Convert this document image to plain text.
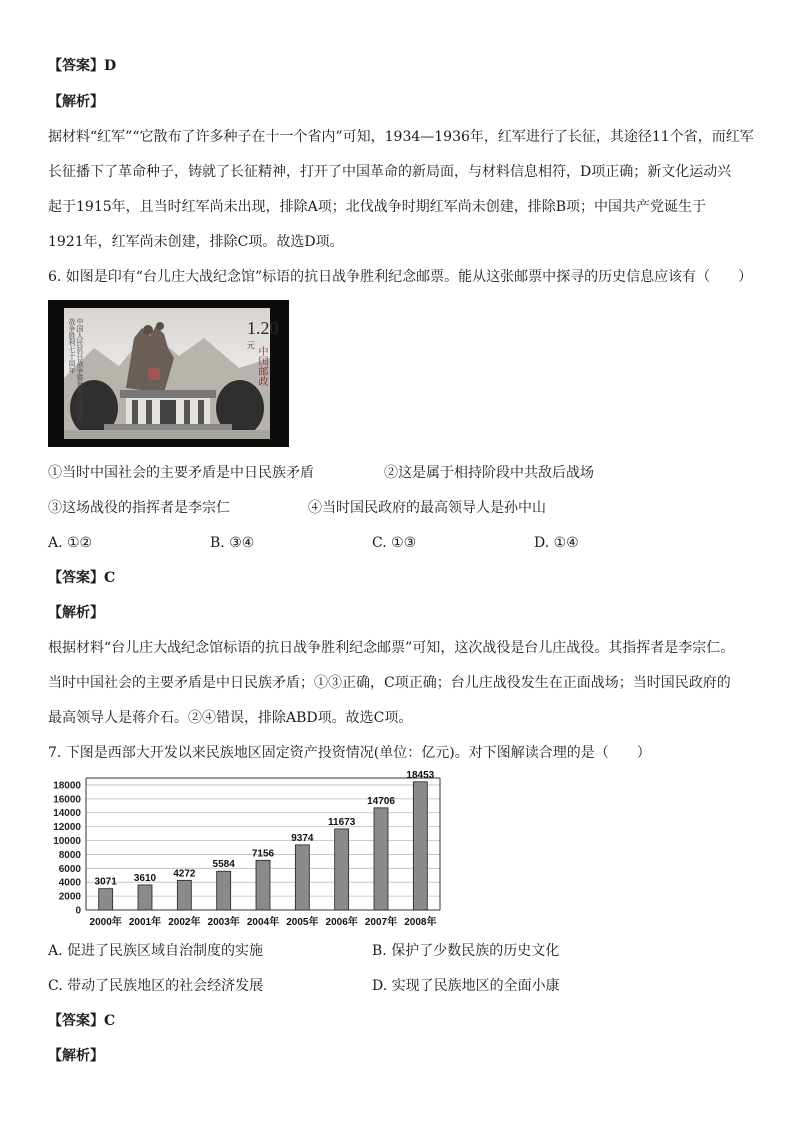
【答案】D
【解析】
据材料“红军”“它散布了许多种子在十一个省内”可知，1934—1936年，红军进行了长征，其途径11个省，而红军
长征播下了革命种子，铸就了长征精神，打开了中国革命的新局面，与材料信息相符，D项正确；新文化运动兴
起于1915年，且当时红军尚未出现，排除A项；北伐战争时期红军尚未创建，排除B项；中国共产党诞生于
1921年，红军尚未创建，排除C项。故选D项。
6. 如图是印有“台儿庄大战纪念馆”标语的抗日战争胜利纪念邮票。能从这张邮票中探寻的历史信息应该有（　　）
中国人民抗日战争暨世界反法西斯战争胜利七十周年	$1.20^元$
中国邮政
①当时中国社会的主要矛盾是中日民族矛盾	②这是属于相持阶段中共敌后战场
③这场战役的指挥者是李宗仁	④当时国民政府的最高领导人是孙中山
A. ①②	B. ③④	C. ①③	D. ①④
【答案】C
【解析】
根据材料“台儿庄大战纪念馆标语的抗日战争胜利纪念邮票”可知，这次战役是台儿庄战役。其指挥者是李宗仁。
当时中国社会的主要矛盾是中日民族矛盾；①③正确，C项正确；台儿庄战役发生在正面战场；当时国民政府的
最高领导人是蒋介石。②④错误，排除ABD项。故选C项。
7. 下图是西部大开发以来民族地区固定资产投资情况(单位：亿元)。对下图解读合理的是（　　）
0
2000
4000
6000
8000
10000
12000
14000
16000
18000
3071
2000年
3610
2001年
4272
2002年
5584
2003年
7156
2004年
9374
2005年
11673
2006年
14706
2007年
18453
2008年
A. 促进了民族区域自治制度的实施	B. 保护了少数民族的历史文化
C. 带动了民族地区的社会经济发展	D. 实现了民族地区的全面小康
【答案】C
【解析】
